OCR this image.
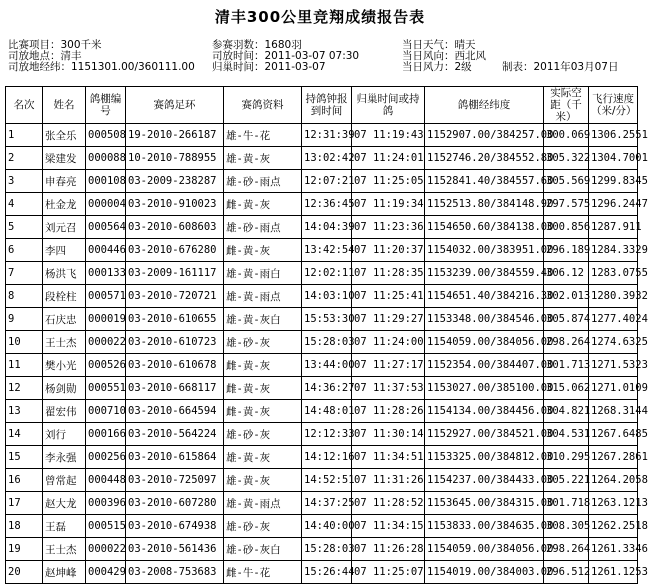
清丰300公里竞翔成绩报告表
比赛项目：300千米
司放地点：清丰
司放地经纬：1151301.00/360111.00
参赛羽数：1680羽
司放时间：2011-03-07 07:30
归巢时间：2011-03-07
当日天气：晴天
当日风向：西北风
当日风力：2级	制表：2011年03月07日
名次	姓名	鸽棚编号	赛鸽足环	赛鸽资料	持鸽钟报到时间	归巢时间或持鸽	鸽棚经纬度	实际空距（千米）	飞行速度（米/分）
1	张全乐	000508	19-2010-266187	雄-牛-花	12:31:39	07 11:19:43	1152907.00/384257.00	300.069	1306.2551
2	梁建发	000088	10-2010-788955	雄-黄-灰	13:02:42	07 11:24:01	1152746.20/384552.80	305.322	1304.7001
3	申春亮	000108	03-2009-238287	雄-砂-雨点	12:07:21	07 11:25:05	1152841.40/384557.60	305.569	1299.8345
4	杜金龙	000004	03-2010-910023	雌-黄-灰	12:36:45	07 11:19:34	1152513.80/384148.90	297.575	1296.2447
5	刘元召	000564	03-2010-608603	雄-砂-雨点	14:04:39	07 11:23:36	1154650.60/384138.00	300.856	1287.911
6	李四	000446	03-2010-676280	雌-黄-灰	13:42:54	07 11:20:37	1154032.00/383951.00	296.189	1284.3329
7	杨洪飞	000133	03-2009-161117	雄-黄-雨白	12:02:11	07 11:28:35	1153239.00/384559.40	306.12	1283.0755
8	段栓柱	000571	03-2010-720721	雄-黄-雨点	14:03:10	07 11:25:41	1154651.40/384216.30	302.013	1280.3932
9	石庆忠	000019	03-2010-610655	雄-黄-灰白	15:53:30	07 11:29:27	1153348.00/384546.00	305.874	1277.4024
10	王士杰	000022	03-2010-610723	雄-砂-灰	15:28:03	07 11:24:00	1154059.00/384056.00	298.264	1274.6325
11	樊小光	000526	03-2010-610678	雌-黄-灰	13:44:00	07 11:27:17	1152354.00/384407.00	301.713	1271.5323
12	杨剑勋	000551	03-2010-668117	雌-黄-灰	14:36:27	07 11:37:53	1153027.00/385100.00	315.062	1271.0109
13	翟宏伟	000710	03-2010-664594	雌-黄-灰	14:48:01	07 11:28:26	1154134.00/384456.00	304.821	1268.3144
14	刘行	000166	03-2010-564224	雄-砂-灰	12:12:33	07 11:30:14	1152927.00/384521.00	304.531	1267.6485
15	李永强	000256	03-2010-615864	雄-黄-灰	14:12:16	07 11:34:51	1153325.00/384812.00	310.295	1267.2861
16	曾常起	000448	03-2010-725097	雄-黄-灰	14:52:51	07 11:31:26	1154237.00/384433.00	305.221	1264.2058
17	赵大龙	000396	03-2010-607280	雄-黄-雨点	14:37:25	07 11:28:52	1153645.00/384315.00	301.718	1263.1213
18	王磊	000515	03-2010-674938	雄-砂-灰	14:40:00	07 11:34:15	1153833.00/384635.00	308.305	1262.2518
19	王士杰	000022	03-2010-561436	雄-砂-灰白	15:28:03	07 11:26:28	1154059.00/384056.00	298.264	1261.3346
20	赵坤峰	000429	03-2008-753683	雌-牛-花	15:26:44	07 11:25:07	1154019.00/384003.00	296.512	1261.1253
